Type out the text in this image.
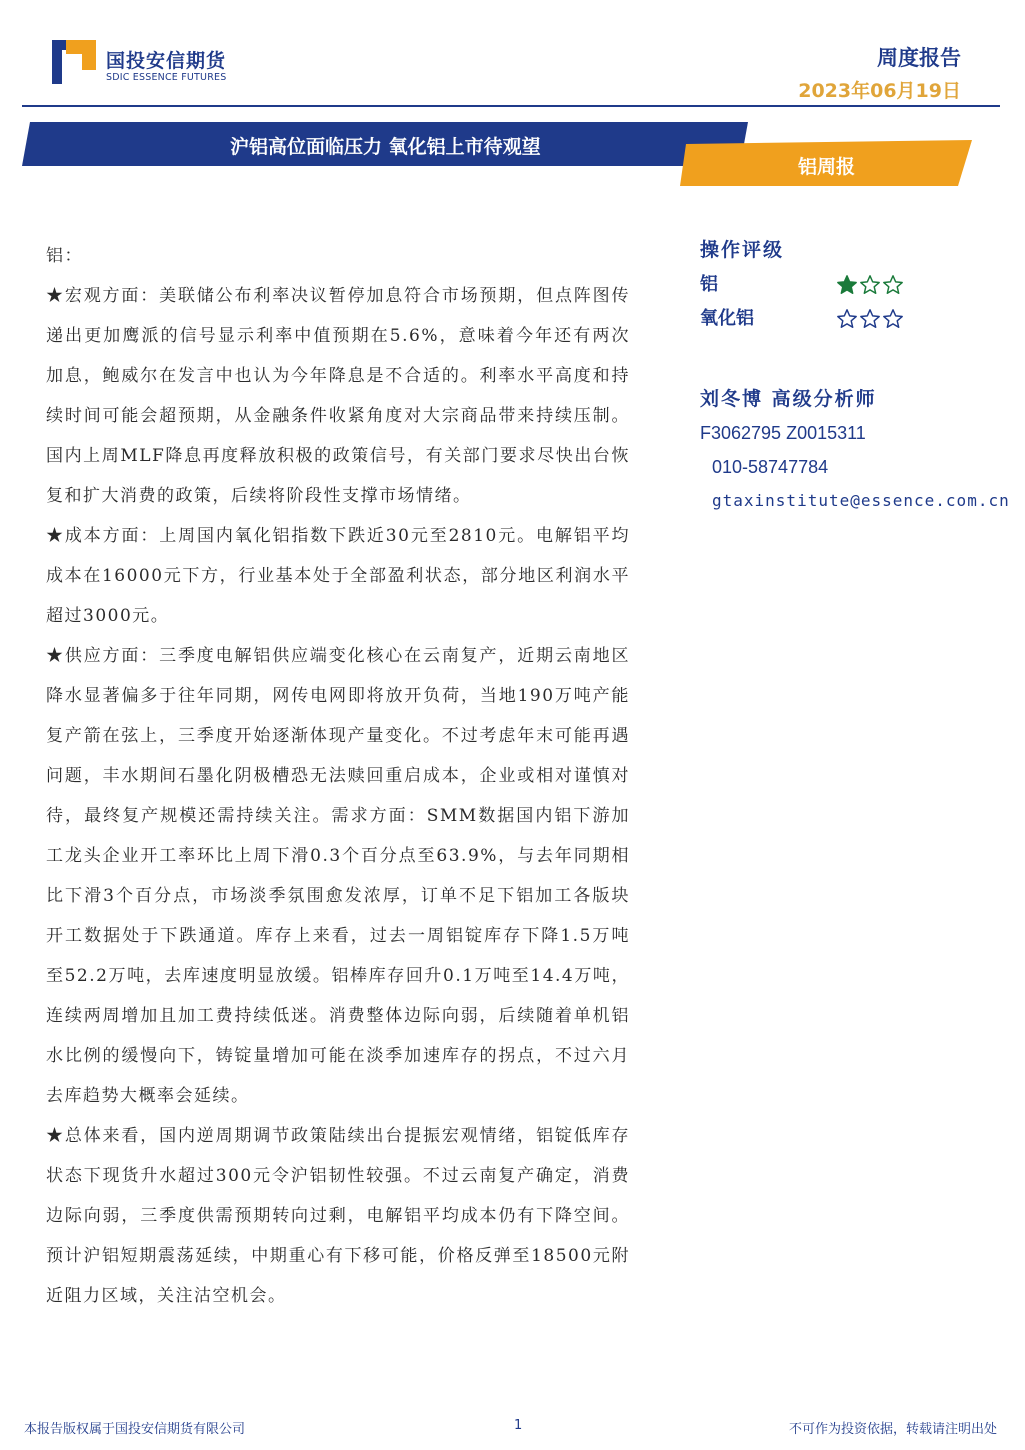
国投安信期货
SDIC ESSENCE FUTURES
周度报告
2023年06月19日
沪铝高位面临压力 氧化铝上市待观望
铝周报

铝：

★宏观方面：美联储公布利率决议暂停加息符合市场预期，但点阵图传递出更加鹰派的信号显示利率中值预期在5.6%，意味着今年还有两次加息，鲍威尔在发言中也认为今年降息是不合适的。利率水平高度和持续时间可能会超预期，从金融条件收紧角度对大宗商品带来持续压制。国内上周MLF降息再度释放积极的政策信号，有关部门要求尽快出台恢复和扩大消费的政策，后续将阶段性支撑市场情绪。

★成本方面：上周国内氧化铝指数下跌近30元至2810元。电解铝平均成本在16000元下方，行业基本处于全部盈利状态，部分地区利润水平超过3000元。

★供应方面：三季度电解铝供应端变化核心在云南复产，近期云南地区降水显著偏多于往年同期，网传电网即将放开负荷，当地190万吨产能复产箭在弦上，三季度开始逐渐体现产量变化。不过考虑年末可能再遇问题，丰水期间石墨化阴极槽恐无法赎回重启成本，企业或相对谨慎对待，最终复产规模还需持续关注。需求方面：SMM数据国内铝下游加工龙头企业开工率环比上周下滑0.3个百分点至63.9%，与去年同期相比下滑3个百分点，市场淡季氛围愈发浓厚，订单不足下铝加工各版块开工数据处于下跌通道。库存上来看，过去一周铝锭库存下降1.5万吨至52.2万吨，去库速度明显放缓。铝棒库存回升0.1万吨至14.4万吨，连续两周增加且加工费持续低迷。消费整体边际向弱，后续随着单机铝水比例的缓慢向下，铸锭量增加可能在淡季加速库存的拐点，不过六月去库趋势大概率会延续。

★总体来看，国内逆周期调节政策陆续出台提振宏观情绪，铝锭低库存状态下现货升水超过300元令沪铝韧性较强。不过云南复产确定，消费边际向弱，三季度供需预期转向过剩，电解铝平均成本仍有下降空间。预计沪铝短期震荡延续，中期重心有下移可能，价格反弹至18500元附近阻力区域，关注沽空机会。

操作评级
铝
氧化铝
刘冬博 高级分析师
F3062795 Z0015311
010-58747784
gtaxinstitute@essence.com.cn
本报告版权属于国投安信期货有限公司	1	不可作为投资依据，转载请注明出处
